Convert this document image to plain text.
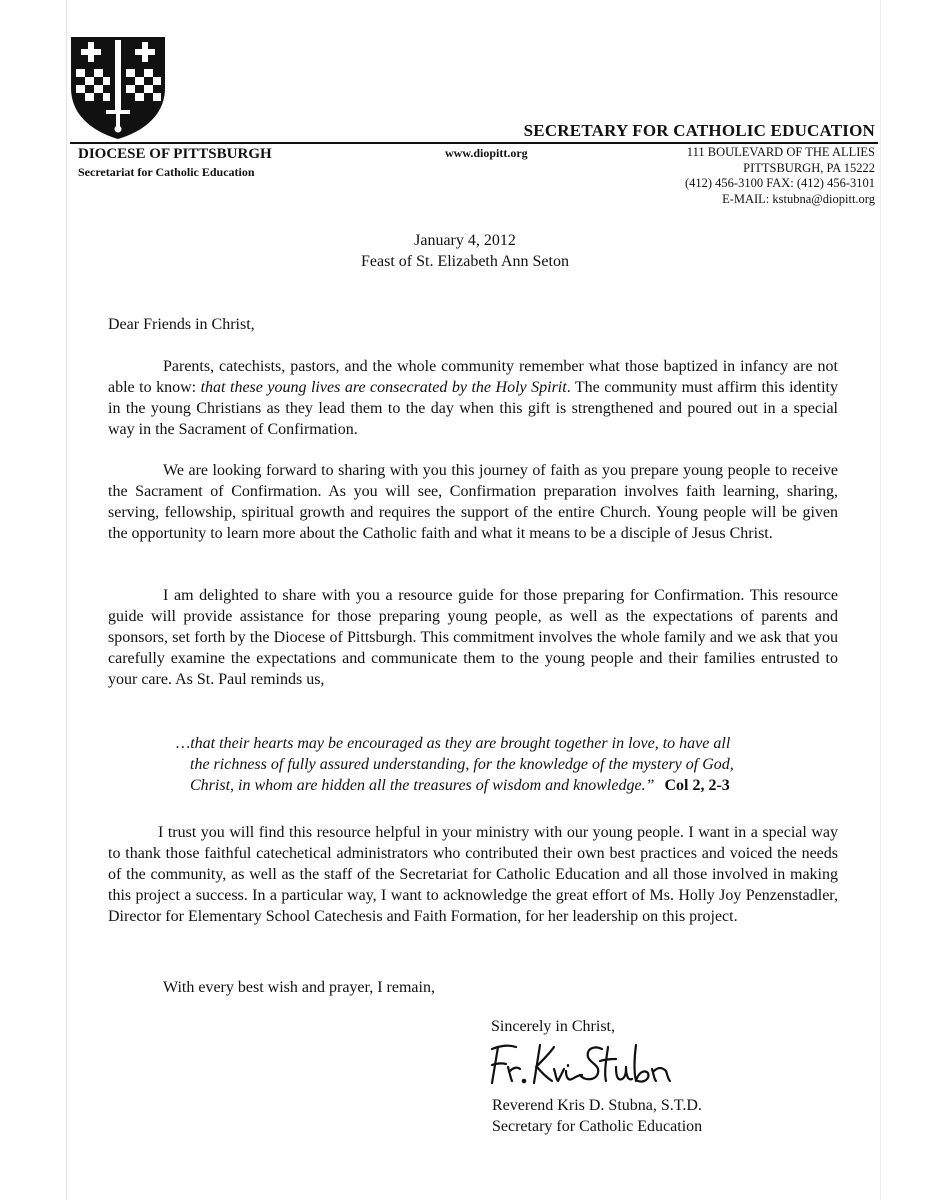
SECRETARY FOR CATHOLIC EDUCATION
DIOCESE OF PITTSBURGH
Secretariat for Catholic Education
www.diopitt.org	111 BOULEVARD OF THE ALLIES
PITTSBURGH, PA 15222
(412) 456-3100 FAX: (412) 456-3101
E-MAIL: kstubna@diopitt.org
January 4, 2012
Feast of St. Elizabeth Ann Seton

Dear Friends in Christ,

Parents, catechists, pastors, and the whole community remember what those baptized in infancy are not able to know: that these young lives are consecrated by the Holy Spirit. The community must affirm this identity in the young Christians as they lead them to the day when this gift is strengthened and poured out in a special way in the Sacrament of Confirmation.

We are looking forward to sharing with you this journey of faith as you prepare young people to receive the Sacrament of Confirmation. As you will see, Confirmation preparation involves faith learning, sharing, serving, fellowship, spiritual growth and requires the support of the entire Church. Young people will be given the opportunity to learn more about the Catholic faith and what it means to be a disciple of Jesus Christ.

I am delighted to share with you a resource guide for those preparing for Confirmation. This resource guide will provide assistance for those preparing young people, as well as the expectations of parents and sponsors, set forth by the Diocese of Pittsburgh. This commitment involves the whole family and we ask that you carefully examine the expectations and communicate them to the young people and their families entrusted to your care. As St. Paul reminds us,

…that their hearts may be encouraged as they are brought together in love, to have all
the richness of fully assured understanding, for the knowledge of the mystery of God,
Christ, in whom are hidden all the treasures of wisdom and knowledge.” Col 2, 2-3

I trust you will find this resource helpful in your ministry with our young people. I want in a special way to thank those faithful catechetical administrators who contributed their own best practices and voiced the needs of the community, as well as the staff of the Secretariat for Catholic Education and all those involved in making this project a success. In a particular way, I want to acknowledge the great effort of Ms. Holly Joy Penzenstadler, Director for Elementary School Catechesis and Faith Formation, for her leadership on this project.

With every best wish and prayer, I remain,

Sincerely in Christ,
Reverend Kris D. Stubna, S.T.D.
Secretary for Catholic Education
